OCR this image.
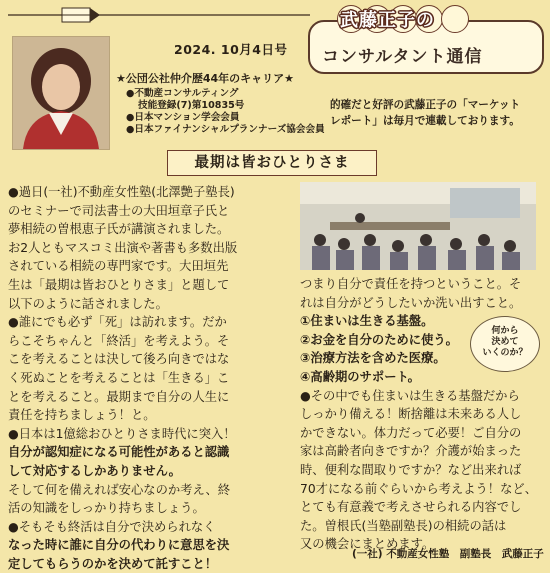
2024. 10月4日号
★公団公社仲介歴44年のキャリア★
●不動産コンサルティング
技能登録(7)第10835号
●日本マンション学会会員
●日本ファイナンシャルプランナーズ協会会員
武藤正子の
コンサルタント通信
的確だと好評の武藤正子の「マーケット
レポート」は毎月で連載しております。
最期は皆おひとりさま
●過日(一社)不動産女性塾(北澤艶子塾長)
のセミナーで司法書士の大田垣章子氏と
夢相続の曽根恵子氏が講演されました。
お2人ともマスコミ出演や著書も多数出版
されている相続の専門家です。大田垣先
生は「最期は皆おひとりさま」と題して
以下のように話されました。
●誰にでも必ず「死」は訪れます。だか
らこそちゃんと「終活」を考えよう。そ
こを考えることは決して後ろ向きではな
く死ぬことを考えることは「生きる」こ
とを考えること。最期まで自分の人生に
責任を持ちましょう！と。
●日本は1億総おひとりさま時代に突入！
自分が認知症になる可能性があると認識
して対応するしかありません。
そして何を備えれば安心なのか考え、終
活の知識をしっかり持ちましょう。
●そもそも終活は自分で決められなく
なった時に誰に自分の代わりに意思を決
定してもらうのかを決めて託すこと！
つまり自分で責任を持つということ。そ
れは自分がどうしたいか洗い出すこと。
①住まいは生きる基盤。
②お金を自分のために使う。
③治療方法を含めた医療。
④高齢期のサポート。
●その中でも住まいは生きる基盤だから
しっかり備える！断捨離は未来ある人し
かできない。体力だって必要！ご自分の
家は高齢者向きですか？介護が始まった
時、便利な間取りですか？など出来れば
70才になる前ぐらいから考えよう！など、
とても有意義で考えさせられる内容でし
た。曽根氏(当塾副塾長)の相続の話は
又の機会にまとめます。
何から
決めて
いくのか？
(一社) 不動産女性塾　副塾長　武藤正子
